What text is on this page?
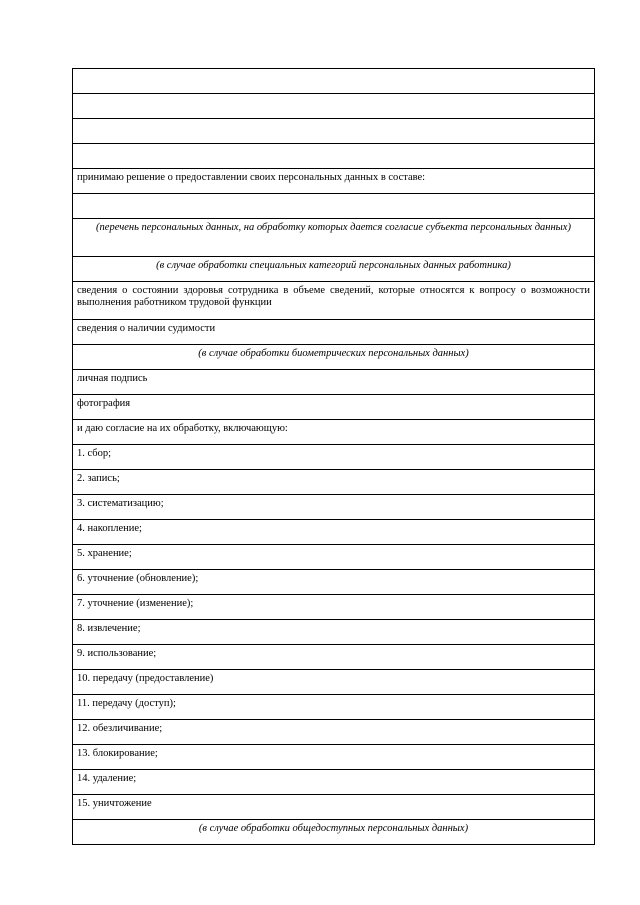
принимаю решение о предоставлении своих персональных данных в составе:

(перечень персональных данных, на обработку которых дается согласие субъекта персональных данных)
(в случае обработки специальных категорий персональных данных работника)
сведения о состоянии здоровья сотрудника в объеме сведений, которые относятся к вопросу о возможности выполнения работником трудовой функции
сведения о наличии судимости
(в случае обработки биометрических персональных данных)
личная подпись
фотография
и даю согласие на их обработку, включающую:
1. сбор;
2. запись;
3. систематизацию;
4. накопление;
5. хранение;
6. уточнение (обновление);
7. уточнение (изменение);
8. извлечение;
9. использование;
10. передачу (предоставление)
11. передачу (доступ);
12. обезличивание;
13. блокирование;
14. удаление;
15. уничтожение
(в случае обработки общедоступных персональных данных)
